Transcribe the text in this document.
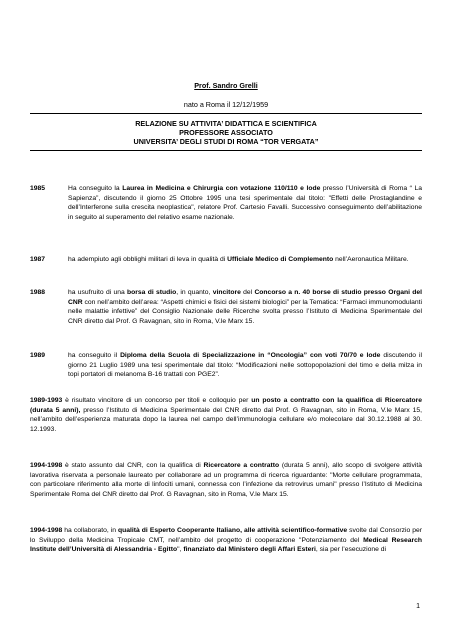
Prof. Sandro Grelli
nato a Roma il 12/12/1959
RELAZIONE SU ATTIVITA’ DIDATTICA E SCIENTIFICA
PROFESSORE ASSOCIATO
UNIVERSITA’ DEGLI STUDI DI ROMA “TOR VERGATA”
1985	Ha conseguito la Laurea in Medicina e Chirurgia con votazione 110/110 e lode presso l’Università di Roma “ La Sapienza”, discutendo il giorno 25 Ottobre 1995 una tesi sperimentale dal titolo: "Effetti delle Prostaglandine e dell’Interferone sulla crescita neoplastica", relatore Prof. Cartesio Favalli. Successivo conseguimento dell’abilitazione in seguito al superamento del relativo esame nazionale.
1987	ha adempiuto agli obblighi militari di leva in qualità di Ufficiale Medico di Complemento nell’Aeronautica Militare.
1988	ha usufruito di una borsa di studio, in quanto, vincitore del Concorso a n. 40 borse di studio presso Organi del CNR con nell’ambito dell’area: “Aspetti chimici e fisici dei sistemi biologici” per la Tematica: “Farmaci immunomodulanti nelle malattie infettive” del Consiglio Nazionale delle Ricerche svolta presso l’Istituto di Medicina Sperimentale del CNR diretto dal Prof. G Ravagnan, sito in Roma, V.le Marx 15.
1989	ha conseguito il Diploma della Scuola di Specializzazione in “Oncologia” con voti 70/70 e lode discutendo il giorno 21 Luglio 1989 una tesi sperimentale dal titolo: “Modificazioni nelle sottopopolazioni del timo e della milza in topi portatori di melanoma B-16 trattati con PGE2”.
1989-1993 è risultato vincitore di un concorso per titoli e colloquio per un posto a contratto con la qualifica di Ricercatore (durata 5 anni), presso l’Istituto di Medicina Sperimentale del CNR diretto dal Prof. G Ravagnan, sito in Roma, V.le Marx 15, nell’ambito dell’esperienza maturata dopo la laurea nel campo dell’immunologia cellulare e/o molecolare dal 30.12.1988 al 30. 12.1993.
1994-1998 è stato assunto dal CNR, con la qualifica di Ricercatore a contratto (durata 5 anni), allo scopo di svolgere attività lavorativa riservata a personale laureato per collaborare ad un programma di ricerca riguardante: "Morte cellulare programmata, con particolare riferimento alla morte di linfociti umani, connessa con l’infezione da retrovirus umani" presso l’Istituto di Medicina Sperimentale Roma del CNR diretto dal Prof. G Ravagnan, sito in Roma, V.le Marx 15.
1994-1998 ha collaborato, in qualità di Esperto Cooperante Italiano, alle attività scientifico-formative svolte dal Consorzio per lo Sviluppo della Medicina Tropicale CMT, nell’ambito del progetto di cooperazione "Potenziamento del Medical Research Institute dell’Università di Alessandria - Egitto", finanziato dal Ministero degli Affari Esteri, sia per l’esecuzione di
1
